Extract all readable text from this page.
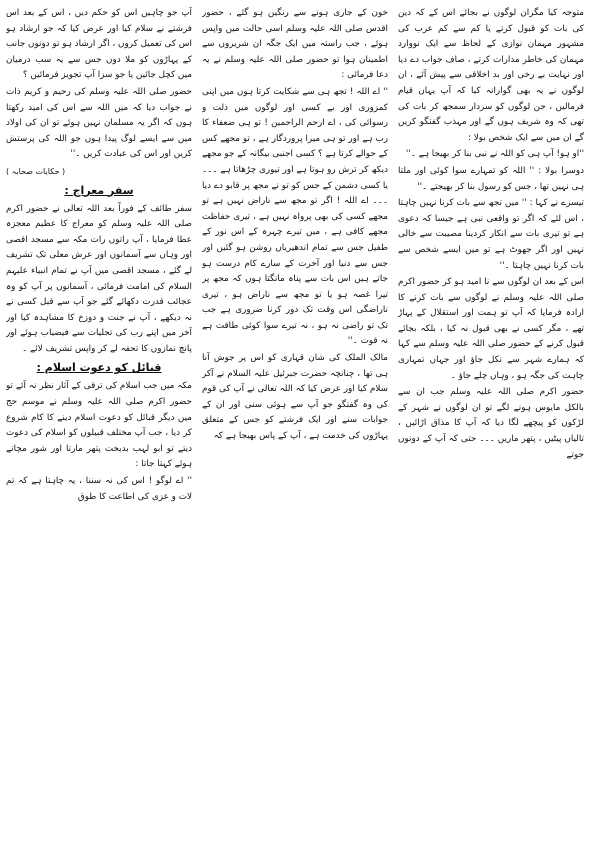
متوجہ کیا مگران لوگوں نے بجائے اس کے کہ دین کی بات کو قبول کرتے یا کم سے کم عرب کی مشہور مہمان نوازی کے لحاظ سے ایک نووارد مہمان کی خاطر مدارات کرتے ، صاف جواب دے دیا اور نہایت بے رخی اور بد اخلاقی سے پیش آئے ، ان لوگوں نے یہ بھی گوارانہ کیا کہ آپ یہاں قیام فرمالیں ، جن لوگوں کو سردار سمجھ کر بات کی تھی کہ وہ شریف ہوں گے اور مہذب گفتگو کریں گے ان میں سے ایک شخص بولا :

''او ہو! آپ ہی کو اللہ نے نبی بنا کر بھیجا ہے ۔''

دوسرا بولا : '' اللہ کو تمہارے سوا کوئی اور ملتا ہی نہیں تھا ، جس کو رسول بنا کر بھیجتے ۔''

تیسرے نے کہا : '' میں تجھ سے بات کرنا نہیں چاہتا ، اس لئے کہ اگر تو واقعی نبی ہے جیسا کہ دعوی ہے تو تیری بات سے انکار کردینا مصیبت سے خالی نہیں اور اگر جھوٹ ہے تو میں ایسے شخص سے بات کرنا نہیں چاہتا ۔''

اس کے بعد ان لوگوں سے نا امید ہو کر حضور اکرم صلی اللہ علیہ وسلم نے لوگوں سے بات کرنے کا ارادہ فرمایا کہ آپ تو ہمت اور استقلال کے پہاڑ تھے ، مگر کسی نے بھی قبول نہ کیا ، بلکہ بجائے قبول کرنے کے حضور صلی اللہ علیہ وسلم سے کہا کہ ہمارے شہر سے نکل جاؤ اور جہاں تمہاری چاہت کی جگہ ہو ، وہاں چلے جاؤ ۔

حضور اکرم صلی اللہ علیہ وسلم جب ان سے بالکل مایوس ہونے لگے تو ان لوگوں نے شہر کے لڑکوں کو پیچھے لگا دیا کہ آپ کا مذاق اڑائیں ، تالیاں پیٹیں ، پتھر ماریں ۔۔۔ حتی کہ آپ کے دونوں جوتے

خون کے جاری ہونے سے رنگین ہو گئے ، حضور اقدس صلی اللہ علیہ وسلم اسی حالت میں واپس ہوئے ، جب راستہ میں ایک جگہ ان شریروں سے اطمینان ہوا تو حضور صلی اللہ علیہ وسلم نے یہ دعا فرمائی :

'' اے اللہ ! تجھ ہی سے شکایت کرتا ہوں میں اپنی کمزوری اور بے کسی اور لوگوں میں ذلت و رسوائی کی ، اے ارحم الراحمین ! تو ہی ضعفاء کا رب ہے اور تو ہی میرا پروردگار ہے ، تو مجھے کس کے حوالے کرتا ہے ؟ کسی اجنبی بیگانہ کے جو مجھے دیکھ کر ترش رو ہوتا ہے اور تیوری چڑھاتا ہے ۔۔۔ یا کسی دشمن کے جس کو تو نے مجھ پر قابو دے دیا ۔۔۔ اے اللہ ! اگر تو مجھ سے ناراض نہیں ہے تو مجھے کسی کی بھی پرواہ نہیں ہے ، تیری حفاظت مجھے کافی ہے ، میں تیرے چہرہ کے اس نور کے طفیل جس سے تمام اندھیریاں روشن ہو گئیں اور جس سے دنیا اور آخرت کے سارے کام درست ہو جاتے ہیں اس بات سے پناہ مانگتا ہوں کہ مجھ پر تیرا غصہ ہو یا تو مجھ سے ناراض ہو ، تیری ناراضگی اس وقت تک دور کرنا ضروری ہے جب تک تو راضی نہ ہو ، نہ تیرے سوا کوئی طاقت ہے نہ قوت ۔''

مالک الملک کی شان قہاری کو اس پر جوش آنا ہی تھا ، چنانچہ حضرت جبرئیل علیہ السلام نے آکر سلام کیا اور عرض کیا کہ اللہ تعالی نے آپ کی قوم کی وہ گفتگو جو آپ سے ہوئی سنی اور ان کے جوابات سنے اور ایک فرشتے کو جس کے متعلق پہاڑوں کی خدمت ہے ، آپ کے پاس بھیجا ہے کہ

آپ جو چاہیں اس کو حکم دیں ، اس کے بعد اس فرشتے نے سلام کیا اور عرض کیا کہ جو ارشاد ہو اس کی تعمیل کروں ، اگر ارشاد ہو تو دونوں جانب کے پہاڑوں کو ملا دوں جس سے یہ سب درمیان میں کچل جائیں یا جو سزا آپ تجویز فرمائیں ؟

حضور صلی اللہ علیہ وسلم کی رحیم و کریم ذات نے جواب دیا کہ میں اللہ سے اس کی امید رکھتا ہوں کہ اگر یہ مسلمان نہیں ہوئے تو ان کی اولاد میں سے ایسے لوگ پیدا ہوں جو اللہ کی پرستش کریں اور اس کی عبادت کریں ۔''

( حکایات صحابہ )

سفر معراج :

سفر طائف کے فوراً بعد اللہ تعالی نے حضور اکرم صلی اللہ علیہ وسلم کو معراج کا عظیم معجزہ عطا فرمایا ، آپ راتوں رات مکہ سے مسجد اقصی اور وہاں سے آسمانوں اور عرش معلی تک تشریف لے گئے ، مسجد اقصی میں آپ نے تمام انبیاء علیہم السلام کی امامت فرمائی ، آسمانوں پر آپ کو وہ عجائب قدرت دکھائے گئے جو آپ سے قبل کسی نے نہ دیکھے ، آپ نے جنت و دوزخ کا مشاہدہ کیا اور آخر میں اپنے رب کی تجلیات سے فیضیاب ہوئے اور پانچ نمازوں کا تحفہ لے کر واپس تشریف لائے ۔

قبائل کو دعوت اسلام :

مکہ میں جب اسلام کی ترقی کے آثار نظر نہ آئے تو حضور اکرم صلی اللہ علیہ وسلم نے موسم حج میں دیگر قبائل کو دعوت اسلام دینے کا کام شروع کر دیا ، جب آپ مختلف قبیلوں کو اسلام کی دعوت دیتے تو ابو لہب بدبخت پتھر مارتا اور شور مچاتے ہوئے کہتا جاتا :

'' اے لوگو ! اس کی نہ سننا ، یہ چاہتا ہے کہ تم لات و عزی کی اطاعت کا طوق
